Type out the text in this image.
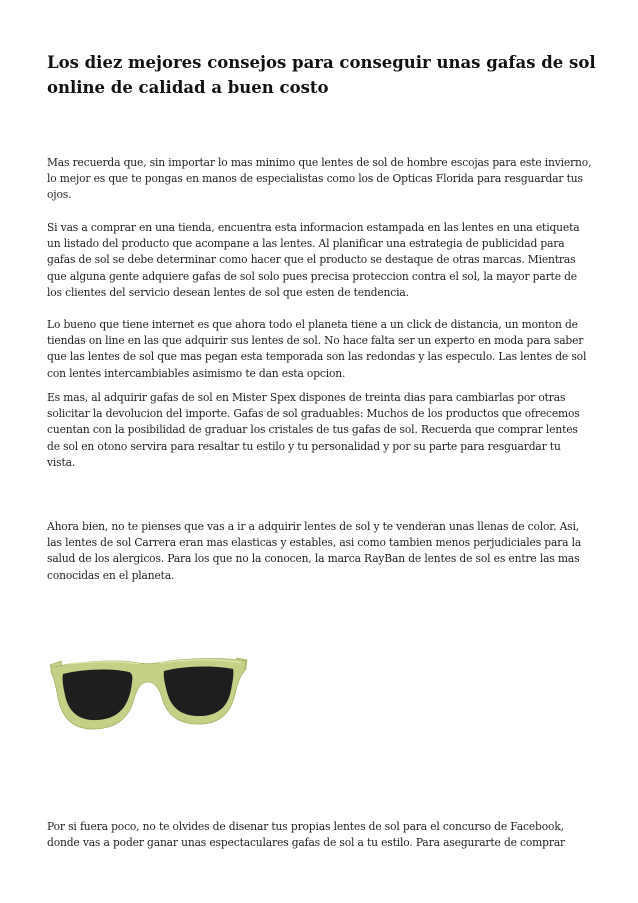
Los diez mejores consejos para conseguir unas gafas de sol online de calidad a buen costo

Mas recuerda que, sin importar lo mas minimo que lentes de sol de hombre escojas para este invierno, lo mejor es que te pongas en manos de especialistas como los de Opticas Florida para resguardar tus ojos.

Si vas a comprar en una tienda, encuentra esta informacion estampada en las lentes en una etiqueta un listado del producto que acompane a las lentes. Al planificar una estrategia de publicidad para gafas de sol se debe determinar como hacer que el producto se destaque de otras marcas. Mientras que alguna gente adquiere gafas de sol solo pues precisa proteccion contra el sol, la mayor parte de los clientes del servicio desean lentes de sol que esten de tendencia.

Lo bueno que tiene internet es que ahora todo el planeta tiene a un click de distancia, un monton de tiendas on line en las que adquirir sus lentes de sol. No hace falta ser un experto en moda para saber que las lentes de sol que mas pegan esta temporada son las redondas y las especulo. Las lentes de sol con lentes intercambiables asimismo te dan esta opcion.

Es mas, al adquirir gafas de sol en Mister Spex dispones de treinta dias para cambiarlas por otras solicitar la devolucion del importe. Gafas de sol graduables: Muchos de los productos que ofrecemos cuentan con la posibilidad de graduar los cristales de tus gafas de sol. Recuerda que comprar lentes de sol en otono servira para resaltar tu estilo y tu personalidad y por su parte para resguardar tu vista.

Ahora bien, no te pienses que vas a ir a adquirir lentes de sol y te venderan unas llenas de color. Asi, las lentes de sol Carrera eran mas elasticas y estables, asi como tambien menos perjudiciales para la salud de los alergicos. Para los que no la conocen, la marca RayBan de lentes de sol es entre las mas conocidas en el planeta.

Por si fuera poco, no te olvides de disenar tus propias lentes de sol para el concurso de Facebook, donde vas a poder ganar unas espectaculares gafas de sol a tu estilo. Para asegurarte de comprar
